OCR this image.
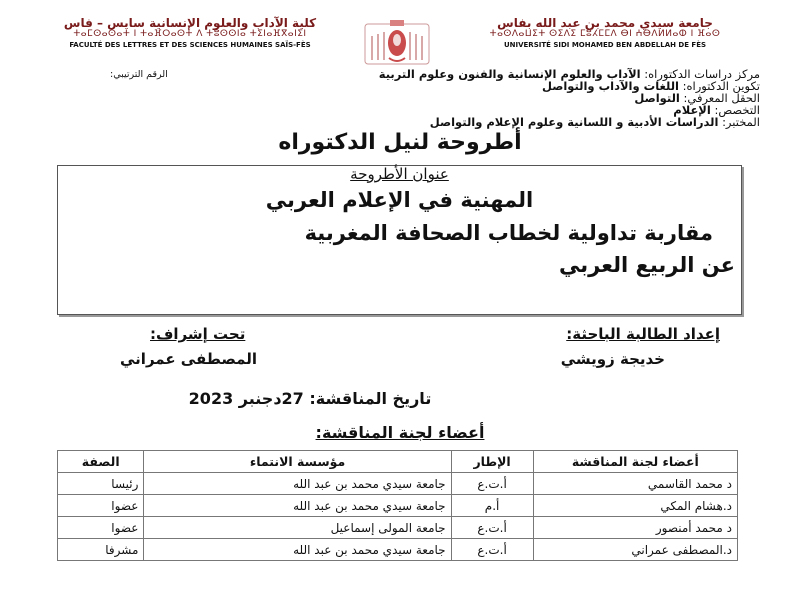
كلية الآداب والعلوم الإنسانية سايس – فاس
ⵜⴰⵎⵙⴰⵙⴰⵜ ⵏ ⵜⴰⴼⵔⴰⵙⵜ ⴷ ⵜⵓⵙⵙⵏⴰ ⵜⵉⵏⴰⴼⴳⴰⵏⵉⵏ
FACULTÉ DES LETTRES ET DES SCIENCES HUMAINES SAÏS-FÈS
جامعة سيدي محمد بن عبد الله بفاس
ⵜⴰⵙⴷⴰⵡⵉⵜ ⵙⵉⴷⵉ ⵎⵓⵃⵎⵎⴷ ⴱⵏ ⵄⴱⴷⵍⵍⴰⵀ ⵏ ⴼⴰⵙ
UNIVERSITÉ SIDI MOHAMED BEN ABDELLAH DE FÈS
الرقم الترتيبي:	مركز دراسات الدكتوراه: الآداب والعلوم الإنسانية والفنون وعلوم التربية
تكوين الدكتوراه: اللغات والآداب والتواصل
الحقل المعرفي: التواصل
التخصص: الإعلام
المختبر: الدراسات الأدبية و اللسانية وعلوم الإعلام والتواصل
أطروحة لنيل الدكتوراه
عنوان الأطروحة
المهنية في الإعلام العربي
مقاربة تداولية لخطاب الصحافة المغربية
عن الربيع العربي
إعداد الطالبة الباحثة:
خديجة زويشي
تحت إشراف:
المصطفى عمراني
تاريخ المناقشة: 27دجنبر 2023
أعضاء لجنة المناقشة:
أعضاء لجنة المناقشة	الإطار	مؤسسة الانتماء	الصفة
د محمد القاسمي	أ.ت.ع	جامعة سيدي محمد بن عبد الله	رئيسا
د.هشام المكي	أ.م	جامعة سيدي محمد بن عبد الله	عضوا
د محمد أمنصور	أ.ت.ع	جامعة المولى إسماعيل	عضوا
د.المصطفى عمراني	أ.ت.ع	جامعة سيدي محمد بن عبد الله	مشرفا
